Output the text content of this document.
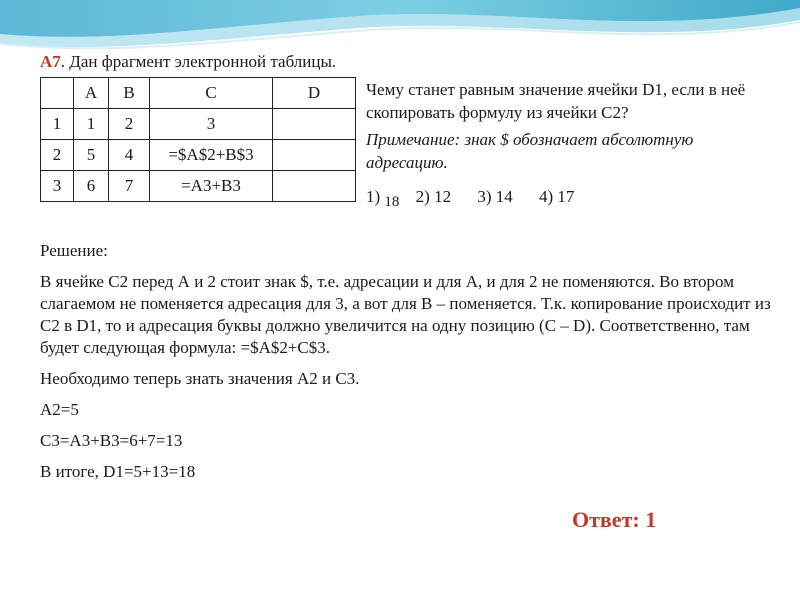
А7. Дан фрагмент электронной таблицы.
	A	B	C	D
1	1	2	3	
2	5	4	=$A$2+B$3	
3	6	7	=A3+B3	
Чему станет равным значение ячейки D1, если в неё скопировать формулу из ячейки C2?
Примечание: знак $ обозначает абсолютную адресацию.
1) 18 2) 12 3) 14 4) 17

Решение:

В ячейке С2 перед А и 2 стоит знак $, т.е. адресации и для А, и для 2 не поменяются. Во втором слагаемом не поменяется адресация для 3, а вот для В – поменяется. Т.к. копирование происходит из С2 в D1, то и адресация буквы должно увеличится на одну позицию (С – D). Соответственно, там будет следующая формула: =$A$2+C$3.

Необходимо теперь знать значения А2 и С3.

А2=5

С3=А3+В3=6+7=13

В итоге, D1=5+13=18

Ответ: 1
